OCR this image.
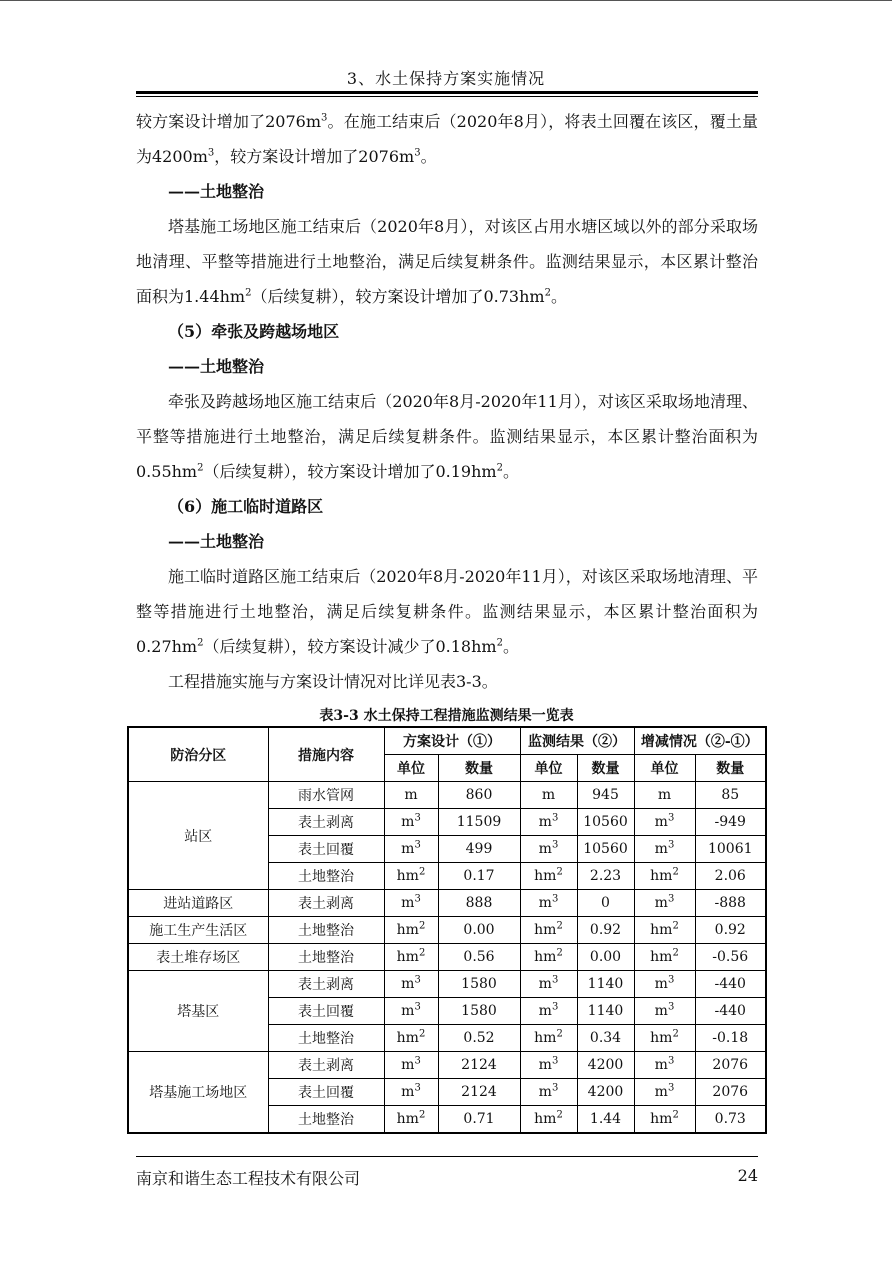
3、水土保持方案实施情况

较方案设计增加了$2076m^3$。在施工结束后（2020年8月），将表土回覆在该区，覆土量为$4200m^3$，较方案设计增加了$2076m^3$。

——土地整治

塔基施工场地区施工结束后（2020年8月），对该区占用水塘区域以外的部分采取场地清理、平整等措施进行土地整治，满足后续复耕条件。监测结果显示，本区累计整治面积为$1.44hm^2$（后续复耕），较方案设计增加了$0.73hm^2$。

（5）牵张及跨越场地区

——土地整治

牵张及跨越场地区施工结束后（2020年8月-2020年11月），对该区采取场地清理、平整等措施进行土地整治，满足后续复耕条件。监测结果显示，本区累计整治面积为$0.55hm^2$（后续复耕），较方案设计增加了$0.19hm^2$。

（6）施工临时道路区

——土地整治

施工临时道路区施工结束后（2020年8月-2020年11月），对该区采取场地清理、平整等措施进行土地整治，满足后续复耕条件。监测结果显示，本区累计整治面积为$0.27hm^2$（后续复耕），较方案设计减少了$0.18hm^2$。

工程措施实施与方案设计情况对比详见表3-3。

表3-3 水土保持工程措施监测结果一览表
防治分区	措施内容	方案设计（①）		监测结果（②）		增减情况（②-①）	
		单位	数量	单位	数量	单位	数量
站区	雨水管网	m	860	m	945	m	85
	表土剥离	$m^3$	11509	$m^3$	10560	$m^3$	-949
	表土回覆	$m^3$	499	$m^3$	10560	$m^3$	10061
	土地整治	$hm^2$	0.17	$hm^2$	2.23	$hm^2$	2.06
进站道路区	表土剥离	$m^3$	888	$m^3$	0	$m^3$	-888
施工生产生活区	土地整治	$hm^2$	0.00	$hm^2$	0.92	$hm^2$	0.92
表土堆存场区	土地整治	$hm^2$	0.56	$hm^2$	0.00	$hm^2$	-0.56
塔基区	表土剥离	$m^3$	1580	$m^3$	1140	$m^3$	-440
	表土回覆	$m^3$	1580	$m^3$	1140	$m^3$	-440
	土地整治	$hm^2$	0.52	$hm^2$	0.34	$hm^2$	-0.18
塔基施工场地区	表土剥离	$m^3$	2124	$m^3$	4200	$m^3$	2076
	表土回覆	$m^3$	2124	$m^3$	4200	$m^3$	2076
	土地整治	$hm^2$	0.71	$hm^2$	1.44	$hm^2$	0.73
南京和谐生态工程技术有限公司	24
